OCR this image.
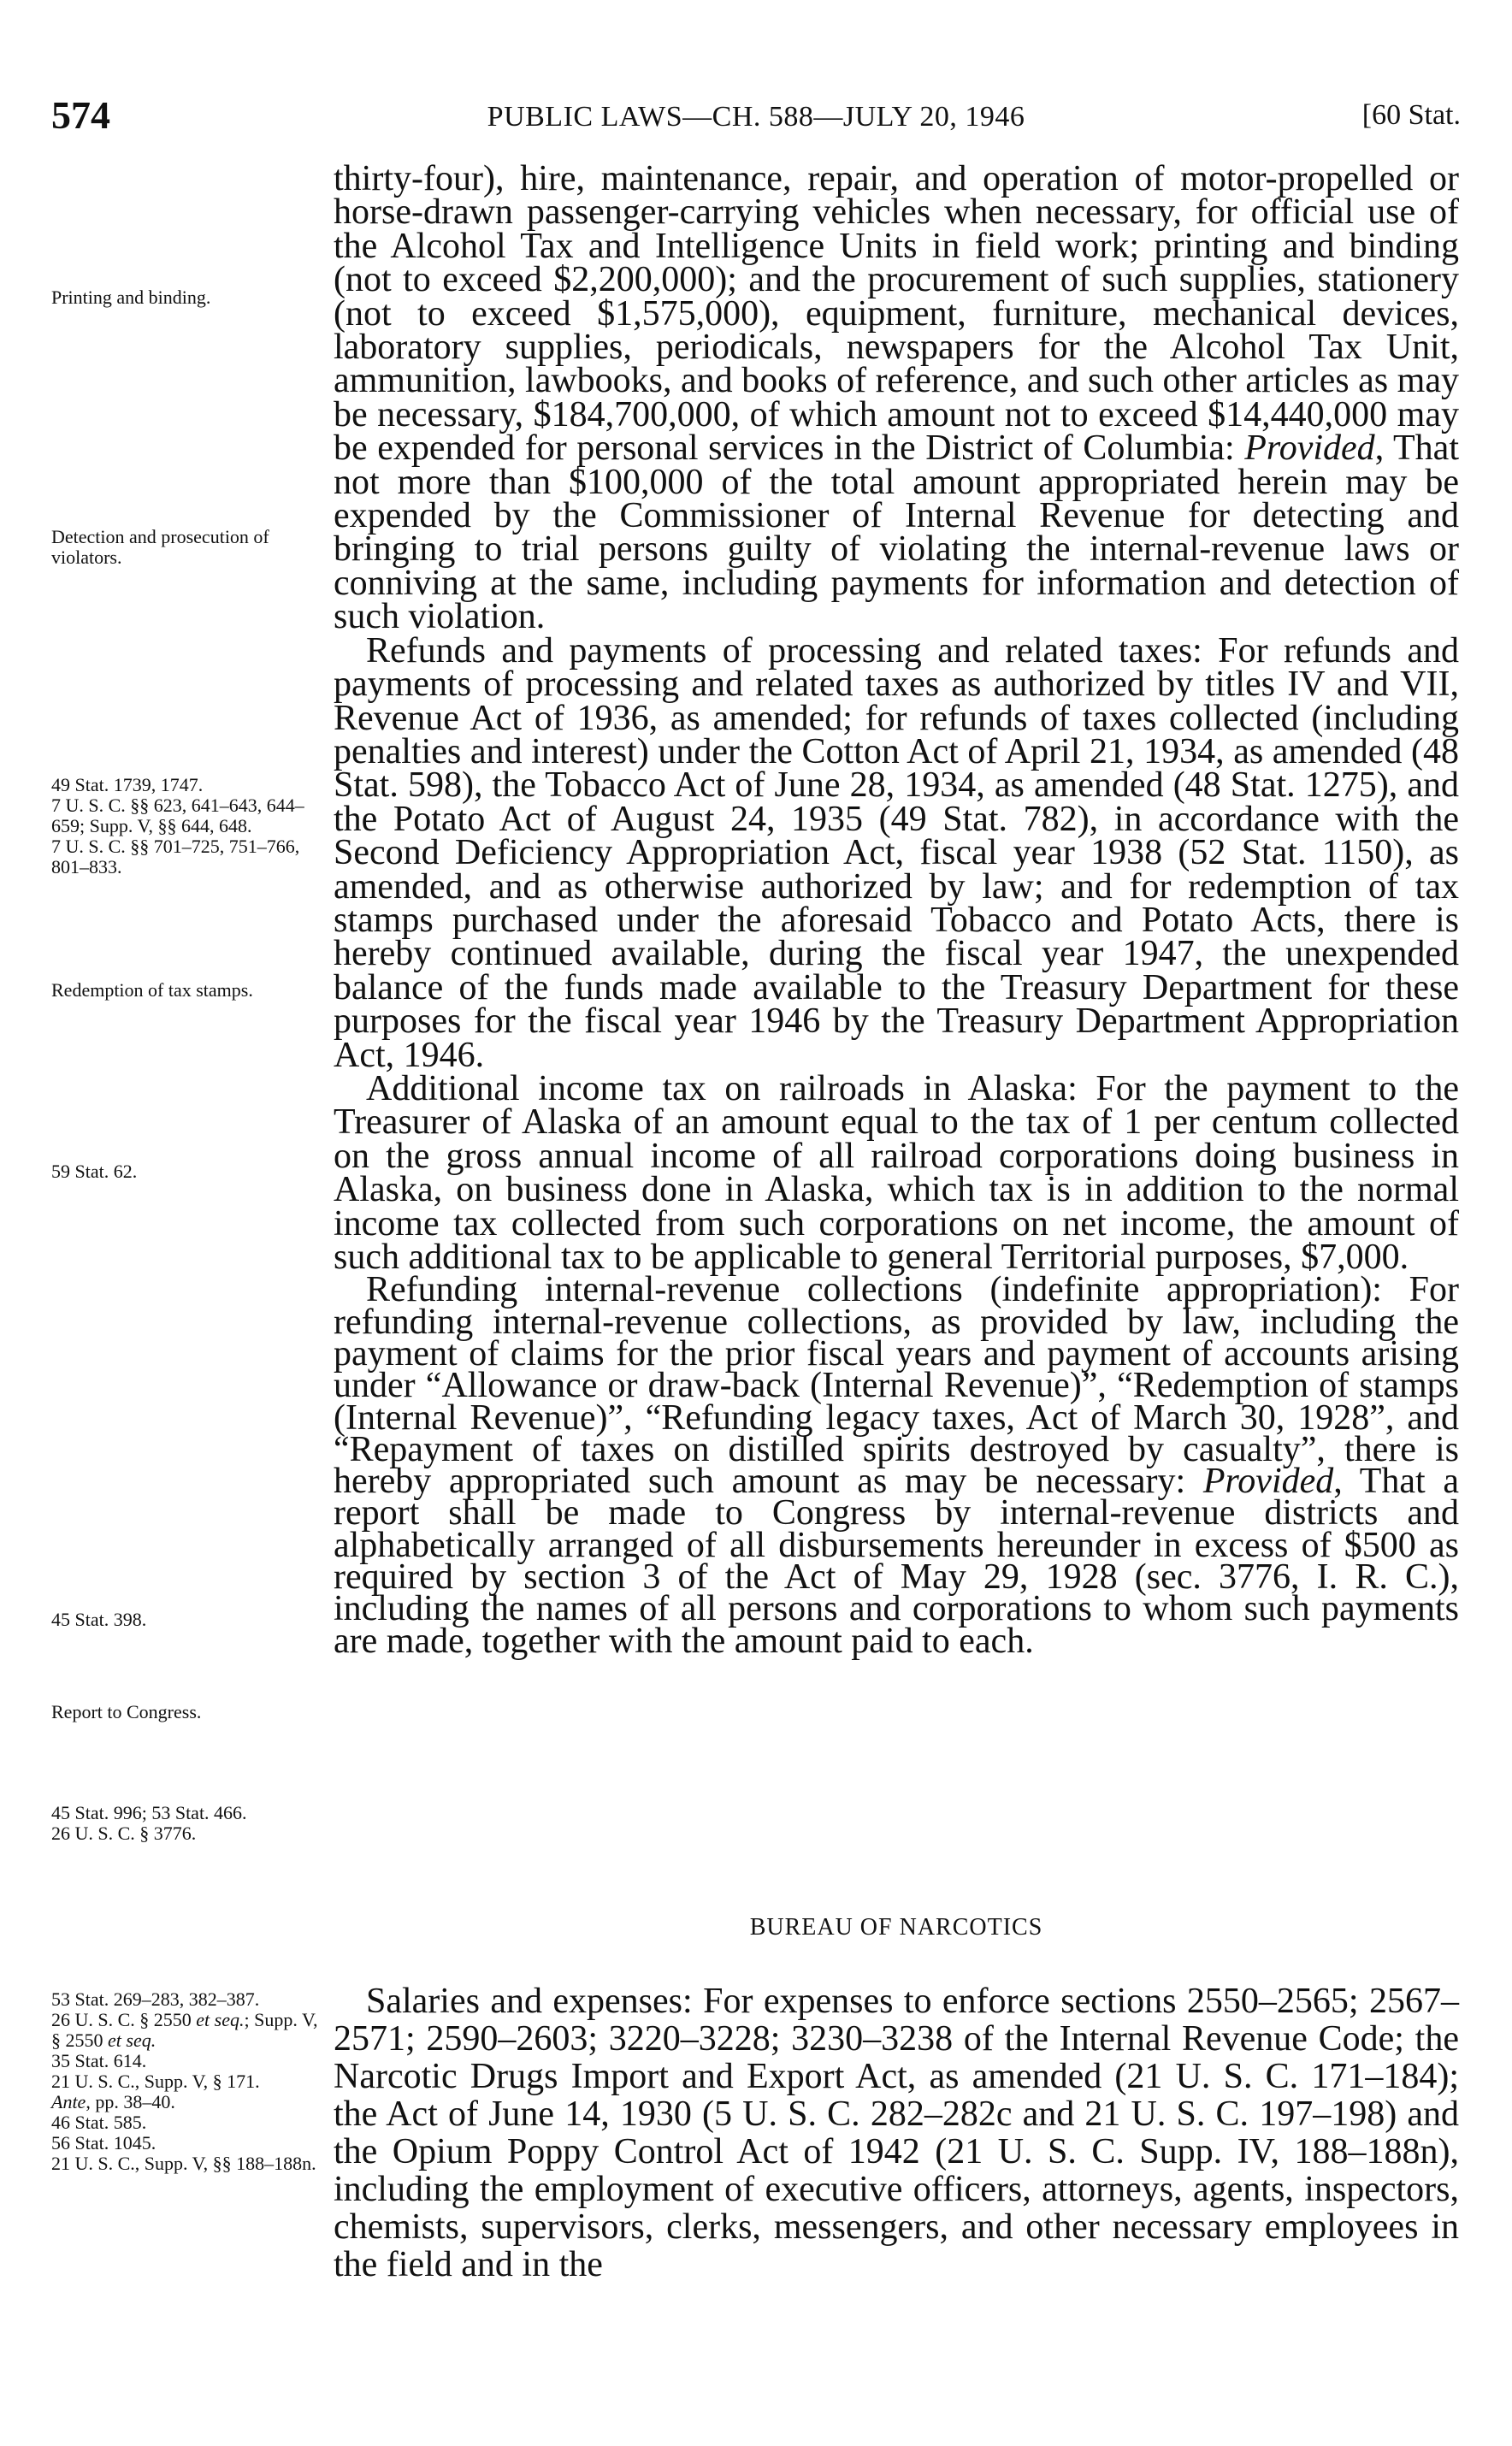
574	PUBLIC LAWS—CH. 588—JULY 20, 1946	[60 Stat.

thirty-four), hire, maintenance, repair, and operation of motor-propelled or horse-drawn passenger-carrying vehicles when necessary, for official use of the Alcohol Tax and Intelligence Units in field work; printing and binding (not to exceed $2,200,000); and the procurement of such supplies, stationery (not to exceed $1,575,000), equipment, furniture, mechanical devices, laboratory supplies, periodicals, newspapers for the Alcohol Tax Unit, ammunition, lawbooks, and books of reference, and such other articles as may be necessary, $184,700,000, of which amount not to exceed $14,440,000 may be expended for personal services in the District of Columbia: Provided, That not more than $100,000 of the total amount appropriated herein may be expended by the Commissioner of Internal Revenue for detecting and bringing to trial persons guilty of violating the internal-revenue laws or conniving at the same, including payments for information and detection of such violation.

Refunds and payments of processing and related taxes: For refunds and payments of processing and related taxes as authorized by titles IV and VII, Revenue Act of 1936, as amended; for refunds of taxes collected (including penalties and interest) under the Cotton Act of April 21, 1934, as amended (48 Stat. 598), the Tobacco Act of June 28, 1934, as amended (48 Stat. 1275), and the Potato Act of August 24, 1935 (49 Stat. 782), in accordance with the Second Deficiency Appropriation Act, fiscal year 1938 (52 Stat. 1150), as amended, and as otherwise authorized by law; and for redemption of tax stamps purchased under the aforesaid Tobacco and Potato Acts, there is hereby continued available, during the fiscal year 1947, the unexpended balance of the funds made available to the Treasury Department for these purposes for the fiscal year 1946 by the Treasury Department Appropriation Act, 1946.

Additional income tax on railroads in Alaska: For the payment to the Treasurer of Alaska of an amount equal to the tax of 1 per centum collected on the gross annual income of all railroad corporations doing business in Alaska, on business done in Alaska, which tax is in addition to the normal income tax collected from such corporations on net income, the amount of such additional tax to be applicable to general Territorial purposes, $7,000.

Refunding internal-revenue collections (indefinite appropriation): For refunding internal-revenue collections, as provided by law, including the payment of claims for the prior fiscal years and payment of accounts arising under “Allowance or draw-back (Internal Revenue)”, “Redemption of stamps (Internal Revenue)”, “Refunding legacy taxes, Act of March 30, 1928”, and “Repayment of taxes on distilled spirits destroyed by casualty”, there is hereby appropriated such amount as may be necessary: Provided, That a report shall be made to Congress by internal-revenue districts and alphabetically arranged of all disbursements hereunder in excess of $500 as required by section 3 of the Act of May 29, 1928 (sec. 3776, I. R. C.), including the names of all persons and corporations to whom such payments are made, together with the amount paid to each.

BUREAU OF NARCOTICS

Salaries and expenses: For expenses to enforce sections 2550–2565; 2567–2571; 2590–2603; 3220–3228; 3230–3238 of the Internal Revenue Code; the Narcotic Drugs Import and Export Act, as amended (21 U. S. C. 171–184); the Act of June 14, 1930 (5 U. S. C. 282–282c and 21 U. S. C. 197–198) and the Opium Poppy Control Act of 1942 (21 U. S. C. Supp. IV, 188–188n), including the employment of executive officers, attorneys, agents, inspectors, chemists, supervisors, clerks, messengers, and other necessary employees in the field and in the

Printing and binding.
Detection and prosecution of violators.
49 Stat. 1739, 1747.
7 U. S. C. §§ 623, 641–643, 644–659; Supp. V, §§ 644, 648.
7 U. S. C. §§ 701–725, 751–766, 801–833.
Redemption of tax stamps.
59 Stat. 62.
45 Stat. 398.
Report to Congress.
45 Stat. 996; 53 Stat. 466.
26 U. S. C. § 3776.
53 Stat. 269–283, 382–387.
26 U. S. C. § 2550 et seq.; Supp. V, § 2550 et seq.
35 Stat. 614.
21 U. S. C., Supp. V, § 171.
Ante, pp. 38–40.
46 Stat. 585.
56 Stat. 1045.
21 U. S. C., Supp. V, §§ 188–188n.
